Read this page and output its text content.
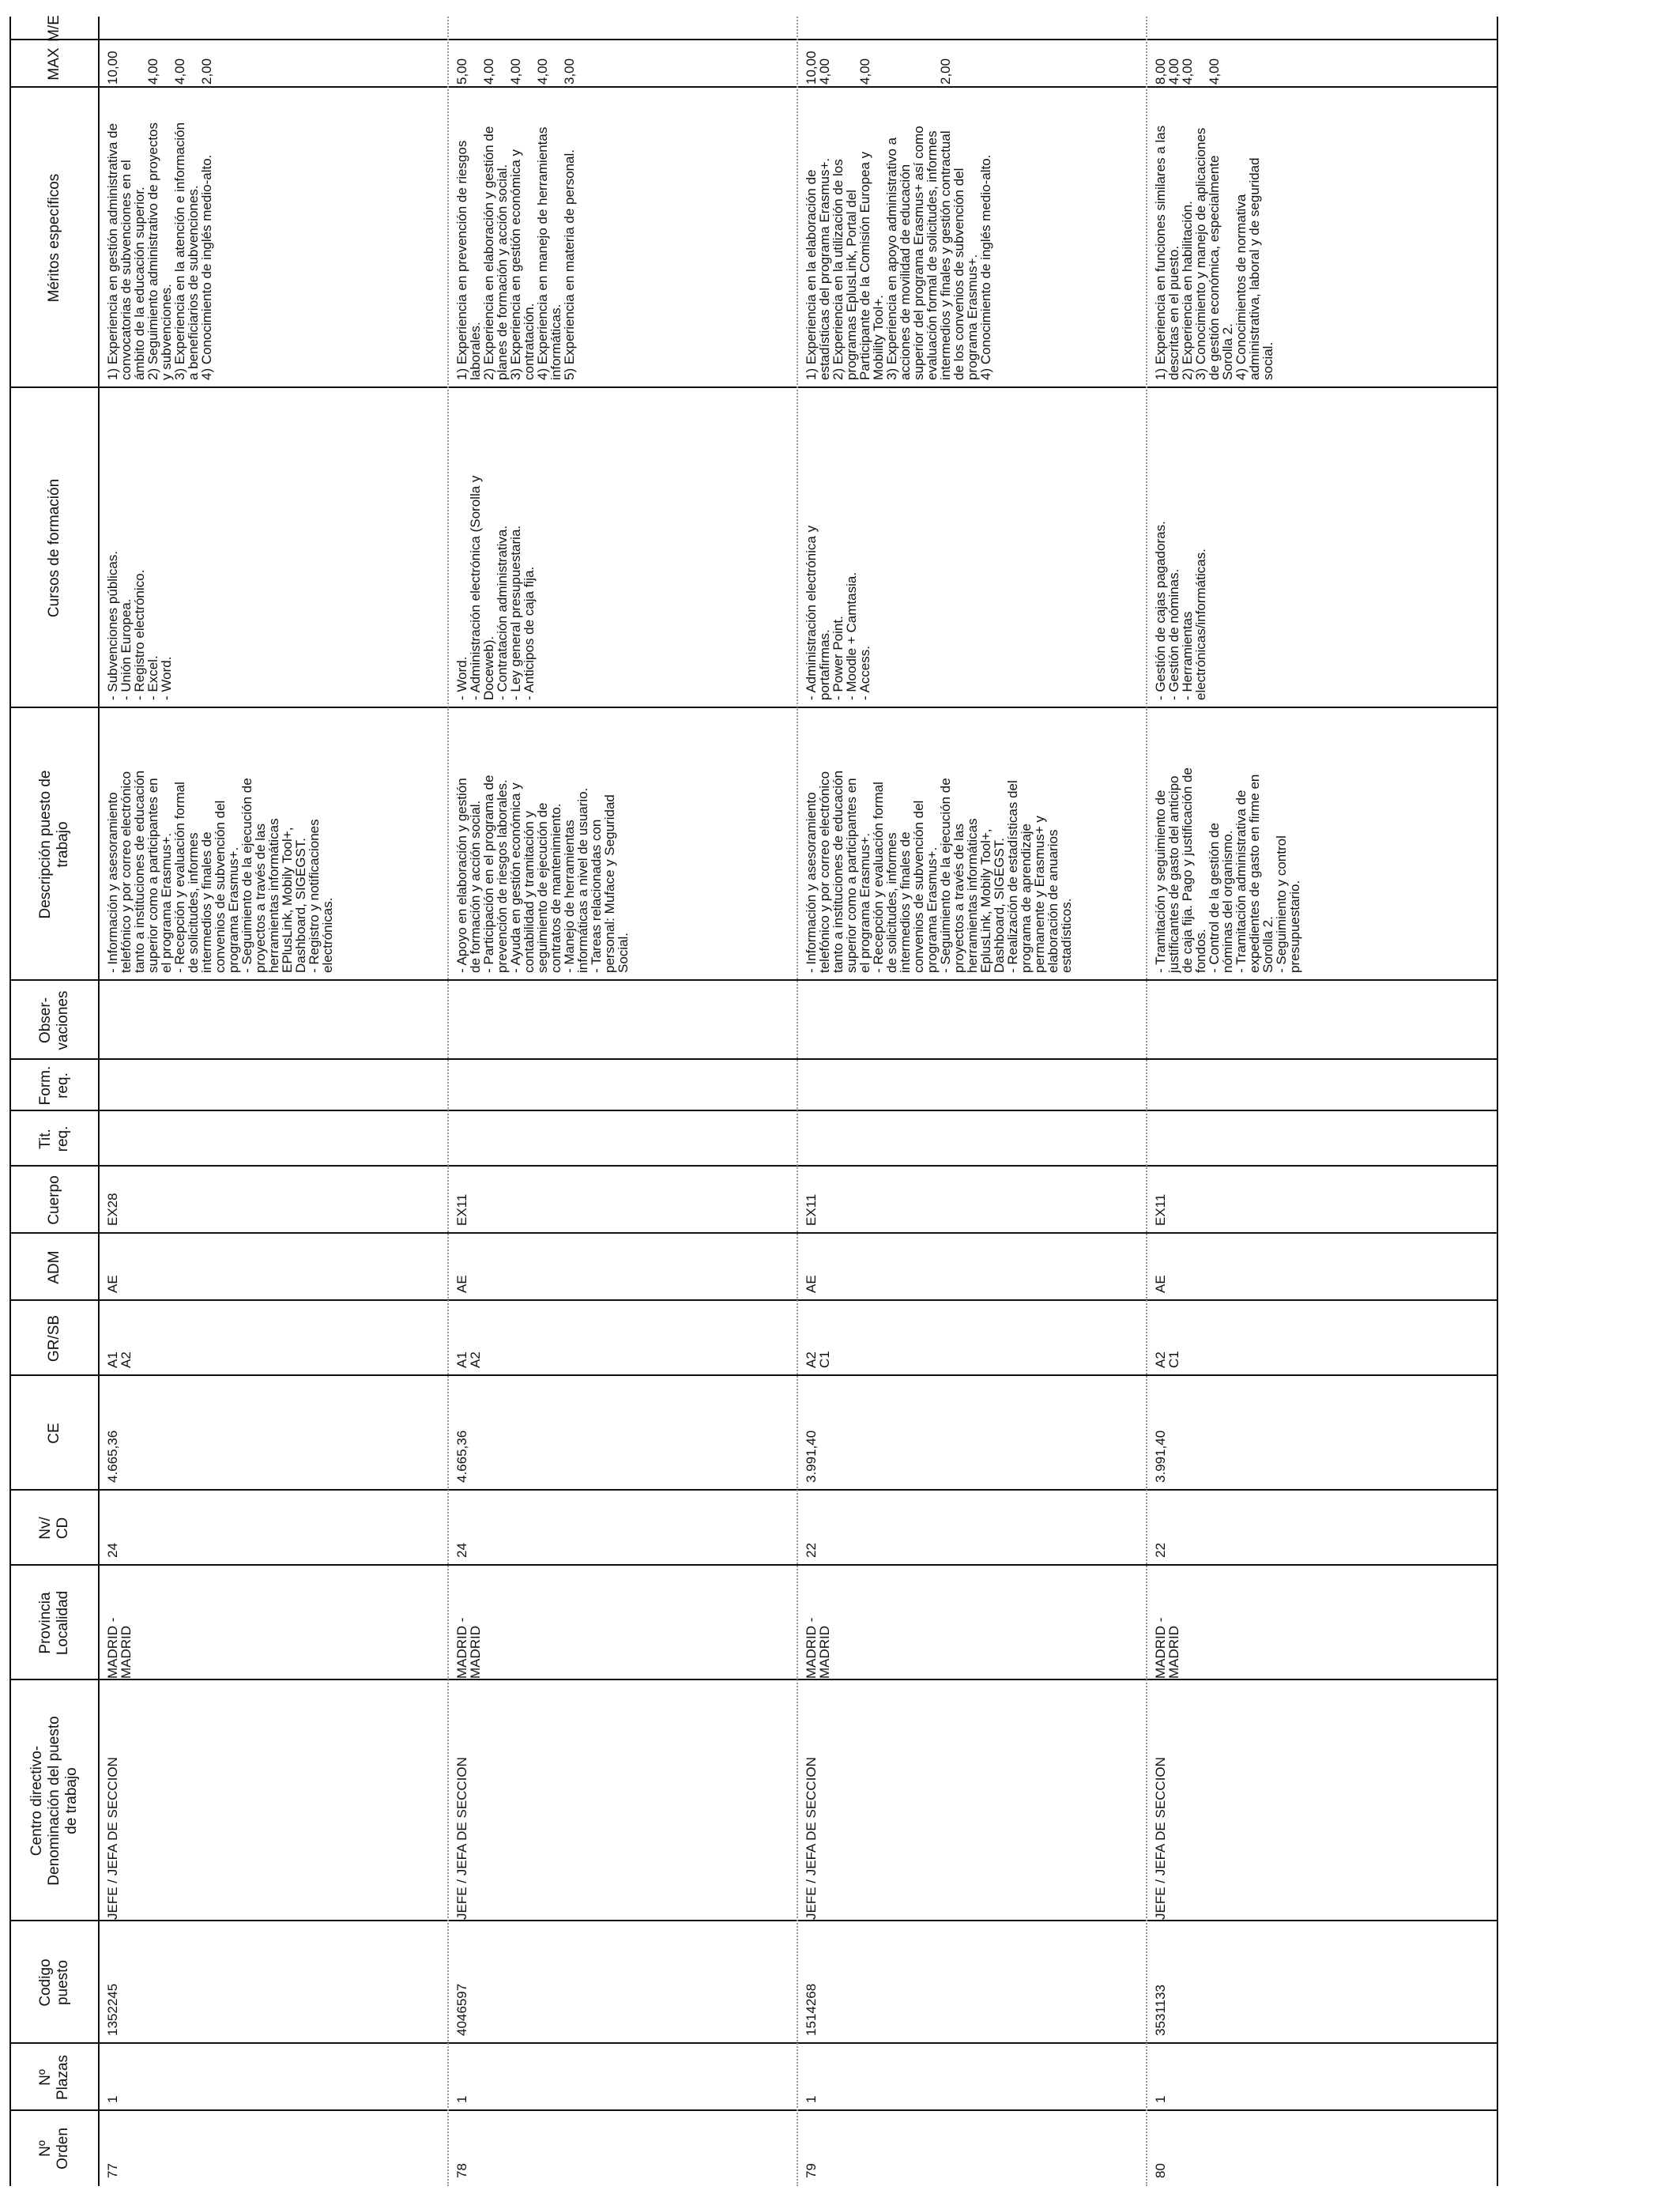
Nº
Orden
Nº
Plazas
Codigo
puesto
Centro directivo-
Denominación del puesto
de trabajo
Provincia
Localidad
Nv/
CD
CE
GR/SB
ADM
Cuerpo
Tit.
req.
Form.
req.
Obser-
vaciones
Descripción puesto de
trabajo
Cursos de formación
Méritos específicos
MAX
M/E
77
1
1352245
JEFE / JEFA DE SECCION
MADRID -
MADRID
24
4.665,36
A1
A2
AE
EX28
- Información y asesoramiento
telefónico y por correo electrónico
tanto a instituciones de educación
superior como a participantes en
el programa Erasmus+.
- Recepción y evaluación formal
de solicitudes, informes
intermedios y finales de
convenios de subvención del
programa Erasmus+.
- Seguimiento de la ejecución de
proyectos a través de las
herramientas informáticas
EPlusLink, Mobily Tool+,
Dashboard, SIGEGST.
- Registro y notificaciones
electrónicas.
- Subvenciones públicas.
- Unión Europea.
- Registro electrónico.
- Excel.
- Word.
1) Experiencia en gestión administrativa de
convocatorias de subvenciones en el
ámbito de la educación superior.
2) Seguimiento administrativo de proyectos
y subvenciones.
3) Experiencia en la atención e información
a beneficiarios de subvenciones.
4) Conocimiento de inglés medio-alto.
10,00

4,00

4,00

2,00
78
1
4046597
JEFE / JEFA DE SECCION
MADRID -
MADRID
24
4.665,36
A1
A2
AE
EX11
- Apoyo en elaboración y gestión
de formación y acción social.
- Participación en el programa de
prevención de riesgos laborales.
- Ayuda en gestión económica y
contabilidad y tramitación y
seguimiento de ejecución de
contratos de mantenimiento.
- Manejo de herramientas
informáticas a nivel de usuario.
- Tareas relacionadas con
personal: Muface y Seguridad
Social.
- Word.
- Administración electrónica (Sorolla y
Doceweb).
- Contratación administrativa.
- Ley general presupuestaria.
- Anticipos de caja fija.
1) Experiencia en prevención de riesgos
laborales.
2) Experiencia en elaboración y gestión de
planes de formación y acción social.
3) Experiencia en gestión económica y
contratación.
4) Experiencia en manejo de herramientas
informáticas.
5) Experiencia en materia de personal.
5,00

4,00

4,00

4,00

3,00
79
1
1514268
JEFE / JEFA DE SECCION
MADRID -
MADRID
22
3.991,40
A2
C1
AE
EX11
- Información y asesoramiento
telefónico y por correo electrónico
tanto a instituciones de educación
superior como a participantes en
el programa Erasmus+.
- Recepción y evaluación formal
de solicitudes, informes
intermedios y finales de
convenios de subvención del
programa Erasmus+.
- Seguimiento de la ejecución de
proyectos a través de las
herramientas informáticas
EplusLink, Mobily Tool+,
Dashboard, SIGEGST.
- Realización de estadísticas del
programa de aprendizaje
permanente y Erasmus+ y
elaboración de anuarios
estadísticos.
- Administración electrónica y
portafirmas.
- Power Point.
- Moodle + Camtasia.
- Access.
1) Experiencia en la elaboración de
estadísticas del programa Erasmus+.
2) Experiencia en la utilización de los
programas EplusLink, Portal del
Participante de la Comisión Europea y
Mobility Tool+.
3) Experiencia en apoyo administrativo a
acciones de movilidad de educación
superior del programa Erasmus+ así como
evaluación formal de solicitudes, informes
intermedios y finales y gestión contractual
de los convenios de subvención del
programa Erasmus+.
4) Conocimiento de inglés medio-alto.
10,00
4,00

4,00

2,00
80
1
3531133
JEFE / JEFA DE SECCION
MADRID -
MADRID
22
3.991,40
A2
C1
AE
EX11
- Tramitación y seguimiento de
justificantes de gasto del anticipo
de caja fija. Pago y justificación de
fondos.
- Control de la gestión de
nóminas del organismo.
- Tramitación administrativa de
expedientes de gasto en firme en
Sorolla 2.
- Seguimiento y control
presupuestario.
- Gestión de cajas pagadoras.
- Gestión de nóminas.
- Herramientas
electrónicas/informáticas.
1) Experiencia en funciones similares a las
descritas en el puesto.
2) Experiencia en habilitación.
3) Conocimiento y manejo de aplicaciones
de gestión económica, especialmente
Sorolla 2.
4) Conocimientos de normativa
administrativa, laboral y de seguridad
social.
8,00
4,00
4,00

4,00
